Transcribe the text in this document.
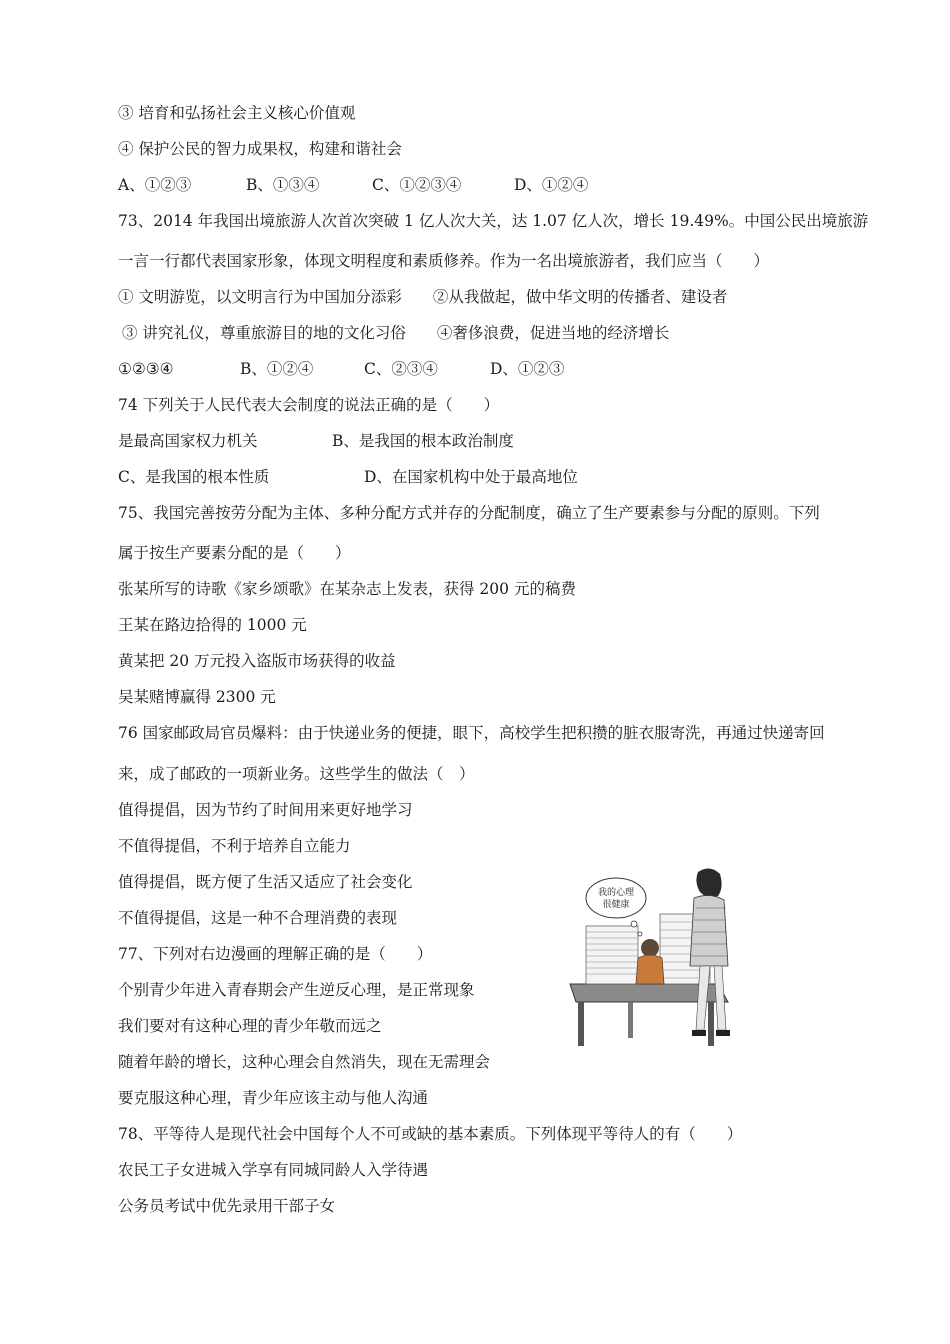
③ 培育和弘扬社会主义核心价值观
④ 保护公民的智力成果权，构建和谐社会
A、①②③	B、①③④	C、①②③④	D、①②④
73、2014 年我国出境旅游人次首次突破 1 亿人次大关，达 1.07 亿人次，增长 19.49%。中国公民出境旅游
一言一行都代表国家形象，体现文明程度和素质修养。作为一名出境旅游者，我们应当（　　）
① 文明游览，以文明言行为中国加分添彩　　②从我做起，做中华文明的传播者、建设者
③ 讲究礼仪，尊重旅游目的地的文化习俗　　④奢侈浪费，促进当地的经济增长
①②③④	B、①②④	C、②③④	D、①②③
74 下列关于人民代表大会制度的说法正确的是（　　）
是最高国家权力机关	B、是我国的根本政治制度
C、是我国的根本性质	D、在国家机构中处于最高地位
75、我国完善按劳分配为主体、多种分配方式并存的分配制度，确立了生产要素参与分配的原则。下列
属于按生产要素分配的是（　　）
张某所写的诗歌《家乡颂歌》在某杂志上发表，获得 200 元的稿费
王某在路边拾得的 1000 元
黄某把 20 万元投入盗版市场获得的收益
吴某赌博赢得 2300 元
76 国家邮政局官员爆料：由于快递业务的便捷，眼下，高校学生把积攒的脏衣服寄洗，再通过快递寄回
来，成了邮政的一项新业务。这些学生的做法（　）
值得提倡，因为节约了时间用来更好地学习
不值得提倡，不利于培养自立能力
值得提倡，既方便了生活又适应了社会变化
不值得提倡，这是一种不合理消费的表现
77、下列对右边漫画的理解正确的是（　　）
个别青少年进入青春期会产生逆反心理，是正常现象
我们要对有这种心理的青少年敬而远之
随着年龄的增长，这种心理会自然消失，现在无需理会
要克服这种心理，青少年应该主动与他人沟通
78、平等待人是现代社会中国每个人不可或缺的基本素质。下列体现平等待人的有（　　）
农民工子女进城入学享有同城同龄人入学待遇
公务员考试中优先录用干部子女
我的心理
很健康
